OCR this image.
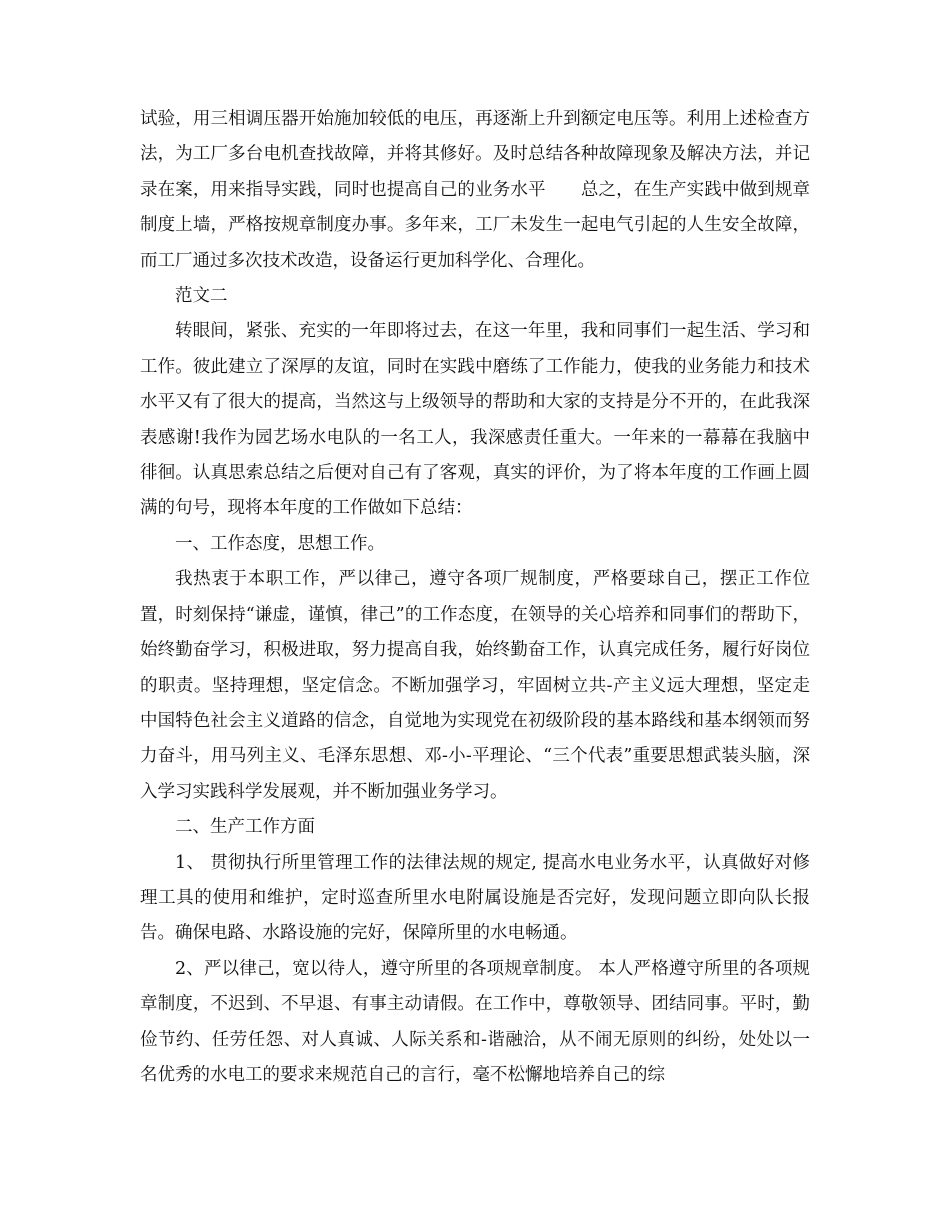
试验，用三相调压器开始施加较低的电压，再逐渐上升到额定电压等。利用上述检查方法，为工厂多台电机查找故障，并将其修好。及时总结各种故障现象及解决方法，并记录在案，用来指导实践，同时也提高自己的业务水平　　总之，在生产实践中做到规章制度上墙，严格按规章制度办事。多年来，工厂未发生一起电气引起的人生安全故障，而工厂通过多次技术改造，设备运行更加科学化、合理化。

范文二

转眼间，紧张、充实的一年即将过去，在这一年里，我和同事们一起生活、学习和工作。彼此建立了深厚的友谊，同时在实践中磨练了工作能力，使我的业务能力和技术水平又有了很大的提高，当然这与上级领导的帮助和大家的支持是分不开的，在此我深表感谢!我作为园艺场水电队的一名工人，我深感责任重大。一年来的一幕幕在我脑中徘徊。认真思索总结之后便对自己有了客观，真实的评价，为了将本年度的工作画上圆满的句号，现将本年度的工作做如下总结：

一、工作态度，思想工作。

我热衷于本职工作，严以律己，遵守各项厂规制度，严格要球自己，摆正工作位置，时刻保持“谦虚，谨慎，律己”的工作态度，在领导的关心培养和同事们的帮助下，始终勤奋学习，积极进取，努力提高自我，始终勤奋工作，认真完成任务，履行好岗位的职责。坚持理想，坚定信念。不断加强学习，牢固树立共-产主义远大理想，坚定走中国特色社会主义道路的信念，自觉地为实现党在初级阶段的基本路线和基本纲领而努力奋斗，用马列主义、毛泽东思想、邓-小-平理论、“三个代表”重要思想武装头脑，深入学习实践科学发展观，并不断加强业务学习。

二、生产工作方面

1、 贯彻执行所里管理工作的法律法规的规定, 提高水电业务水平，认真做好对修理工具的使用和维护，定时巡查所里水电附属设施是否完好，发现问题立即向队长报告。确保电路、水路设施的完好，保障所里的水电畅通。

2、严以律己，宽以待人，遵守所里的各项规章制度。 本人严格遵守所里的各项规章制度，不迟到、不早退、有事主动请假。在工作中，尊敬领导、团结同事。平时，勤俭节约、任劳任怨、对人真诚、人际关系和-谐融洽，从不闹无原则的纠纷，处处以一名优秀的水电工的要求来规范自己的言行，毫不松懈地培养自己的综
